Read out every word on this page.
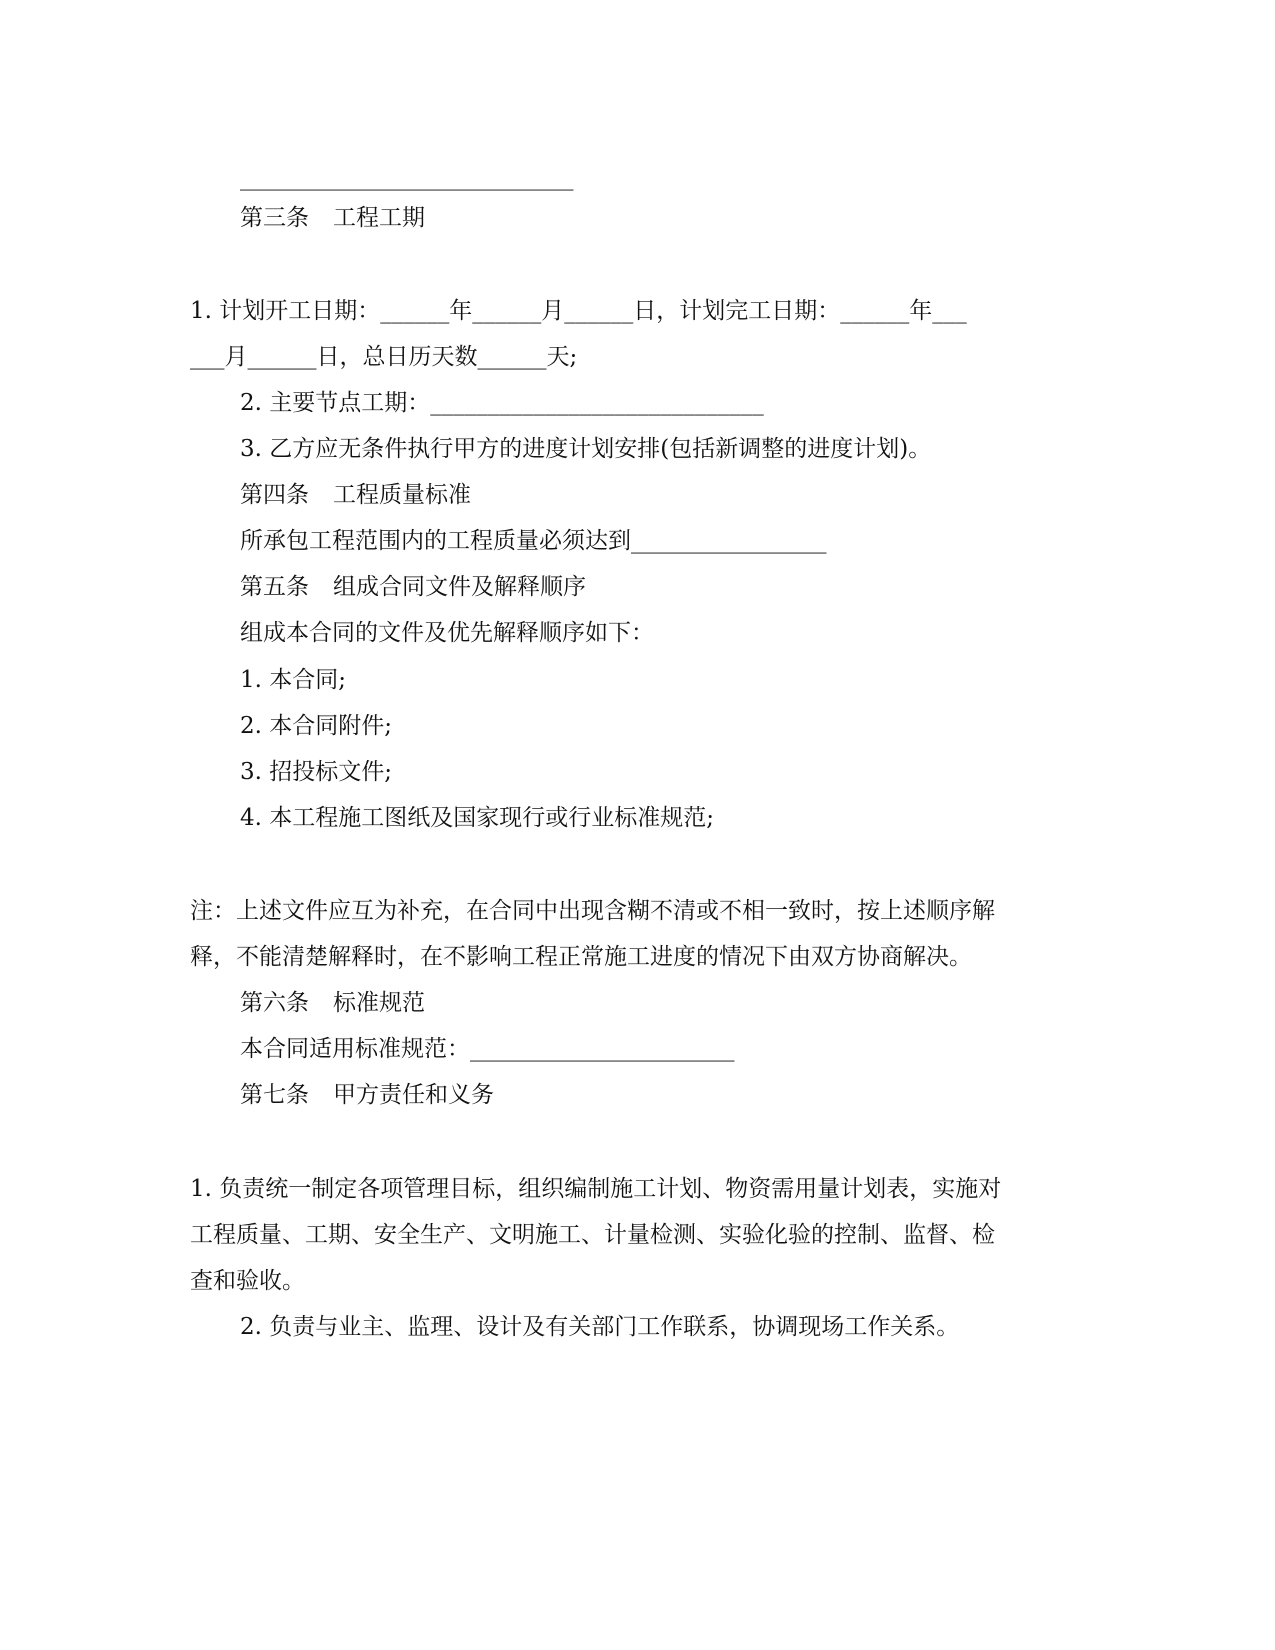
_____________________________
第三条 工程工期
1. 计划开工日期：______年______月______日，计划完工日期：______年___
___月______日，总日历天数______天;
2. 主要节点工期：_____________________________
3. 乙方应无条件执行甲方的进度计划安排(包括新调整的进度计划)。
第四条 工程质量标准
所承包工程范围内的工程质量必须达到_________________
第五条 组成合同文件及解释顺序
组成本合同的文件及优先解释顺序如下：
1. 本合同;
2. 本合同附件;
3. 招投标文件;
4. 本工程施工图纸及国家现行或行业标准规范;
注：上述文件应互为补充，在合同中出现含糊不清或不相一致时，按上述顺序解
释，不能清楚解释时，在不影响工程正常施工进度的情况下由双方协商解决。
第六条 标准规范
本合同适用标准规范：_______________________
第七条 甲方责任和义务
1. 负责统一制定各项管理目标，组织编制施工计划、物资需用量计划表，实施对
工程质量、工期、安全生产、文明施工、计量检测、实验化验的控制、监督、检
查和验收。
2. 负责与业主、监理、设计及有关部门工作联系，协调现场工作关系。
